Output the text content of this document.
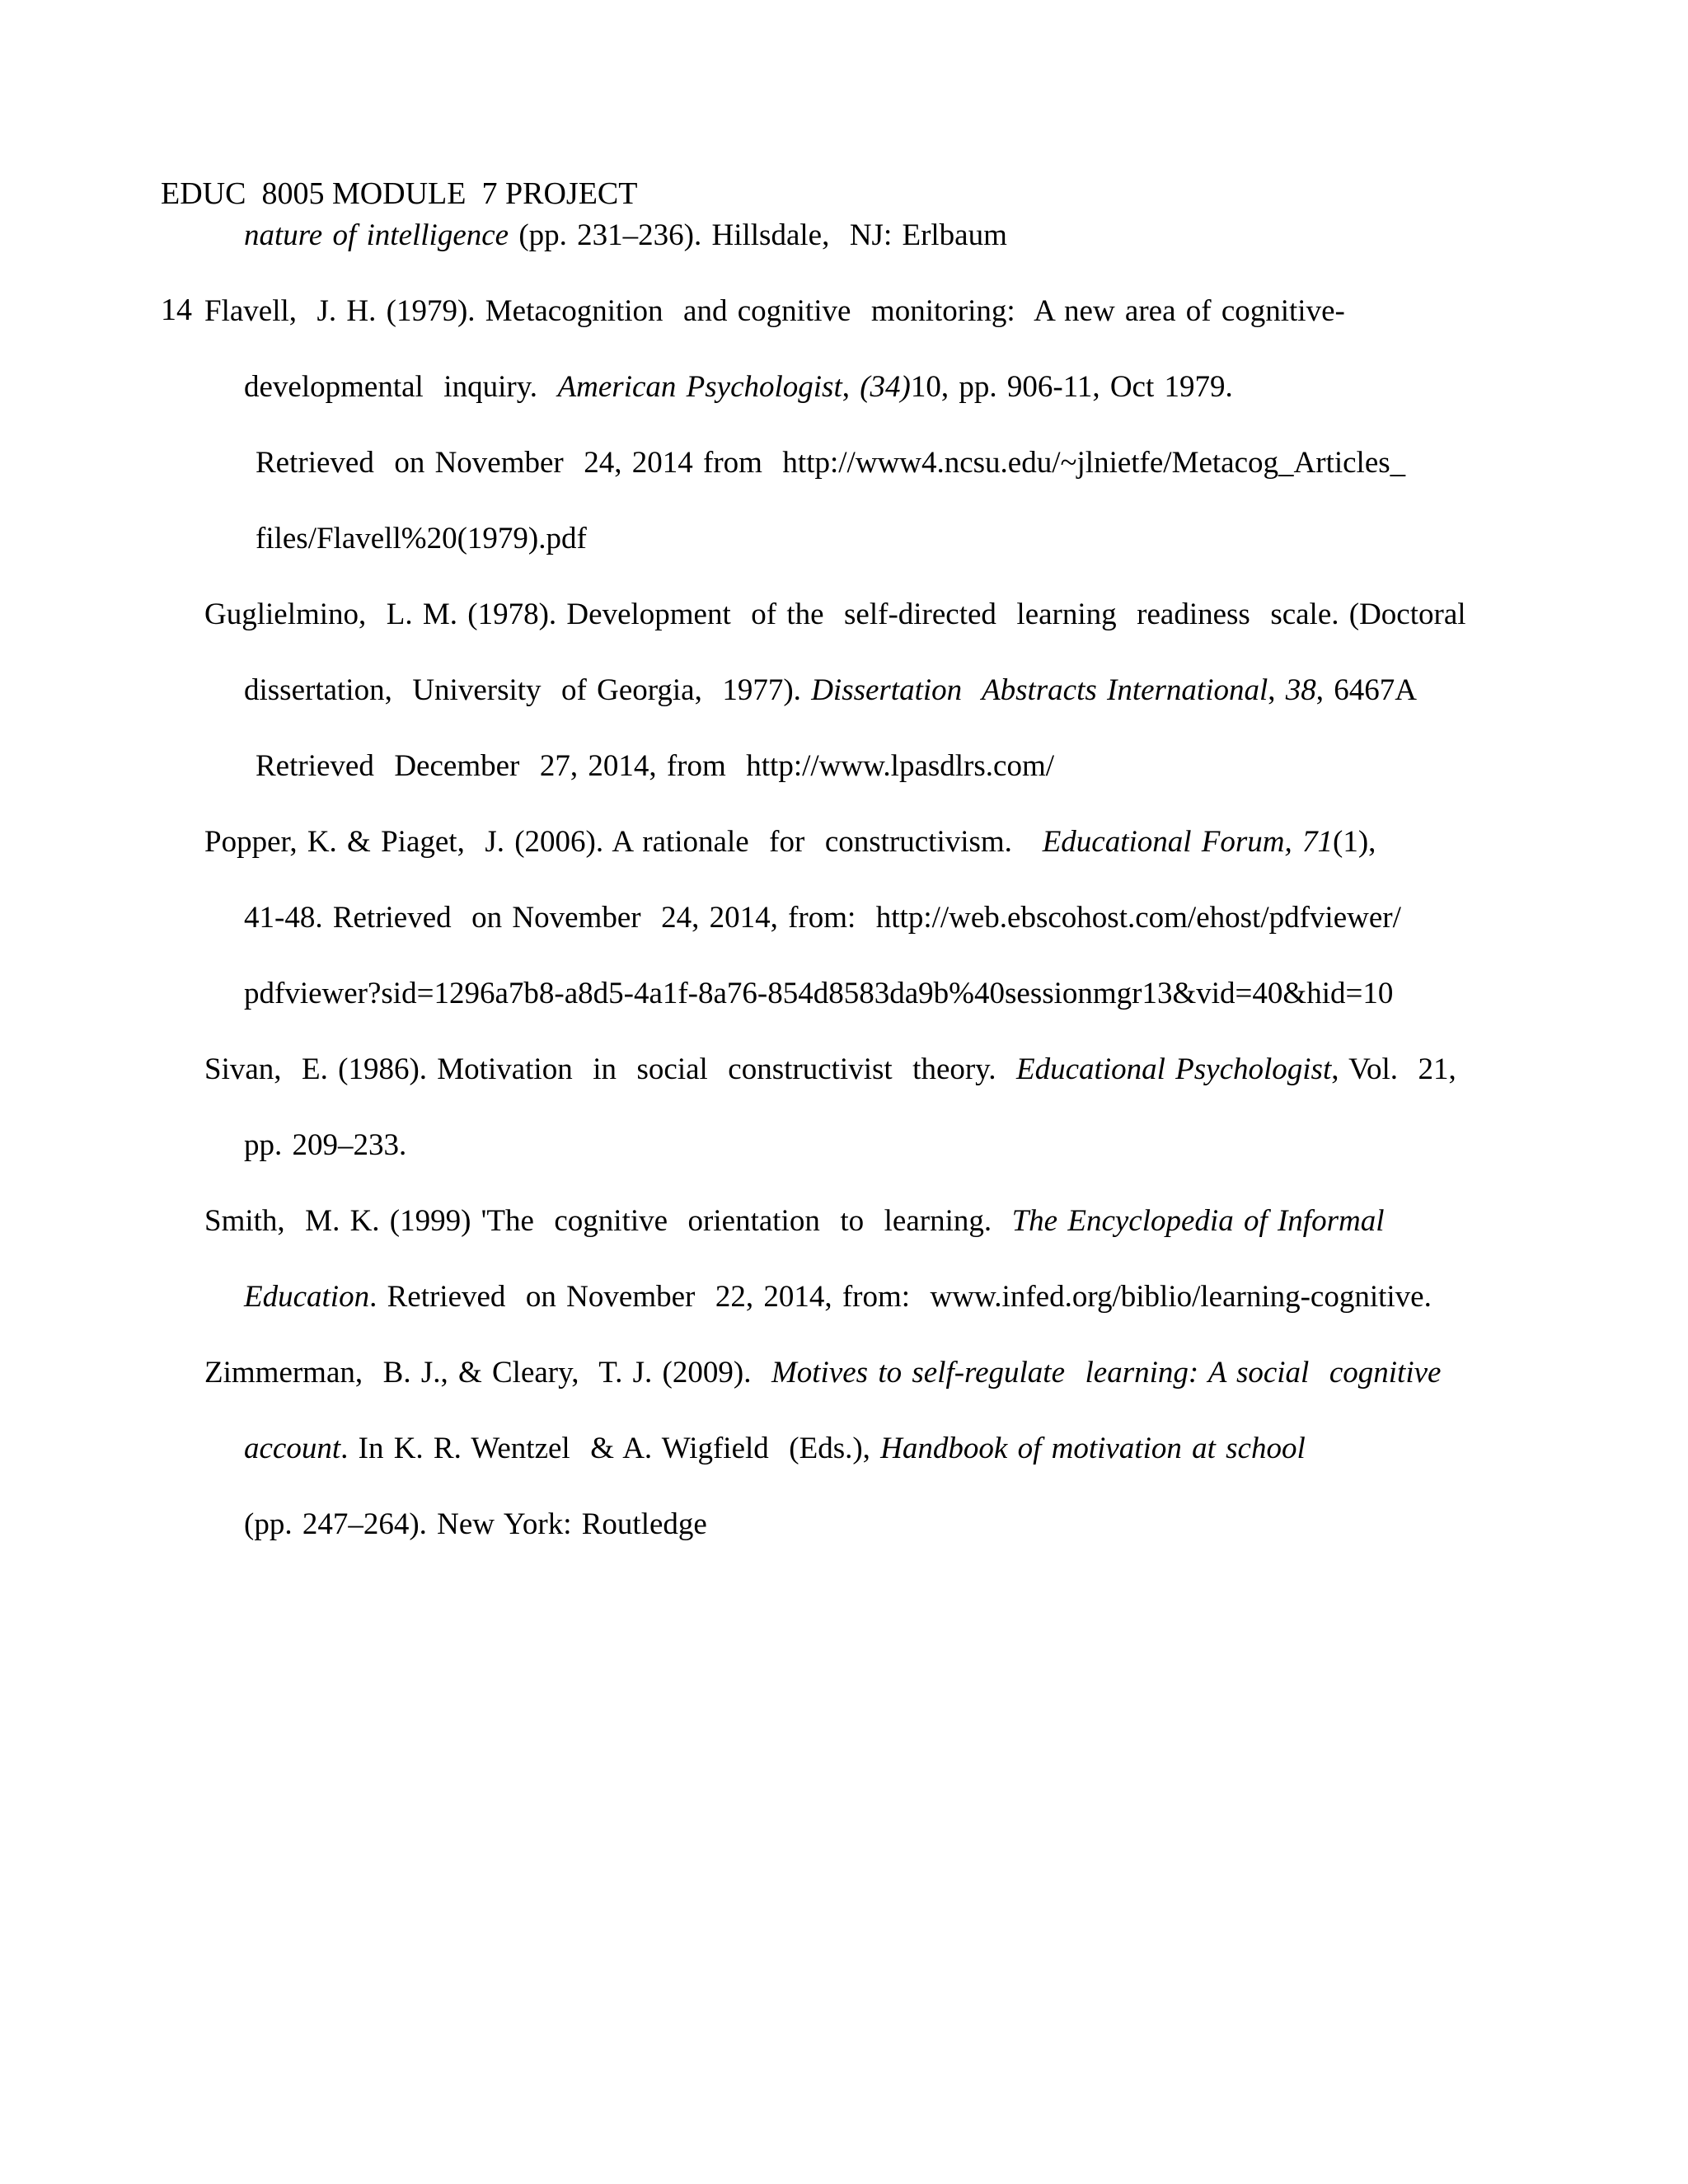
EDUC  8005 MODULE  7 PROJECT

14

nature of intelligence (pp. 231–236). Hillsdale,  NJ: Erlbaum
Flavell,  J. H. (1979). Metacognition  and cognitive  monitoring:  A new area of cognitive-
developmental  inquiry.  American Psychologist, (34)10, pp. 906-11, Oct 1979.
Retrieved  on November  24, 2014 from  http://www4.ncsu.edu/~jlnietfe/Metacog_Articles_
files/Flavell%20(1979).pdf
Guglielmino,  L. M. (1978). Development  of the  self-directed  learning  readiness  scale. (Doctoral
dissertation,  University  of Georgia,  1977). Dissertation  Abstracts International, 38, 6467A
Retrieved  December  27, 2014, from  http://www.lpasdlrs.com/
Popper, K. & Piaget,  J. (2006). A rationale  for  constructivism.   Educational Forum, 71(1),
41-48. Retrieved  on November  24, 2014, from:  http://web.ebscohost.com/ehost/pdfviewer/
pdfviewer?sid=1296a7b8-a8d5-4a1f-8a76-854d8583da9b%40sessionmgr13&vid=40&hid=10
Sivan,  E. (1986). Motivation  in  social  constructivist  theory.  Educational Psychologist, Vol.  21,
pp. 209–233.
Smith,  M. K. (1999) 'The  cognitive  orientation  to  learning.  The Encyclopedia of Informal
Education. Retrieved  on November  22, 2014, from:  www.infed.org/biblio/learning-cognitive.
Zimmerman,  B. J., & Cleary,  T. J. (2009).  Motives to self-regulate  learning: A social  cognitive
account. In K. R. Wentzel  & A. Wigfield  (Eds.), Handbook of motivation at school
(pp. 247–264). New York: Routledge
